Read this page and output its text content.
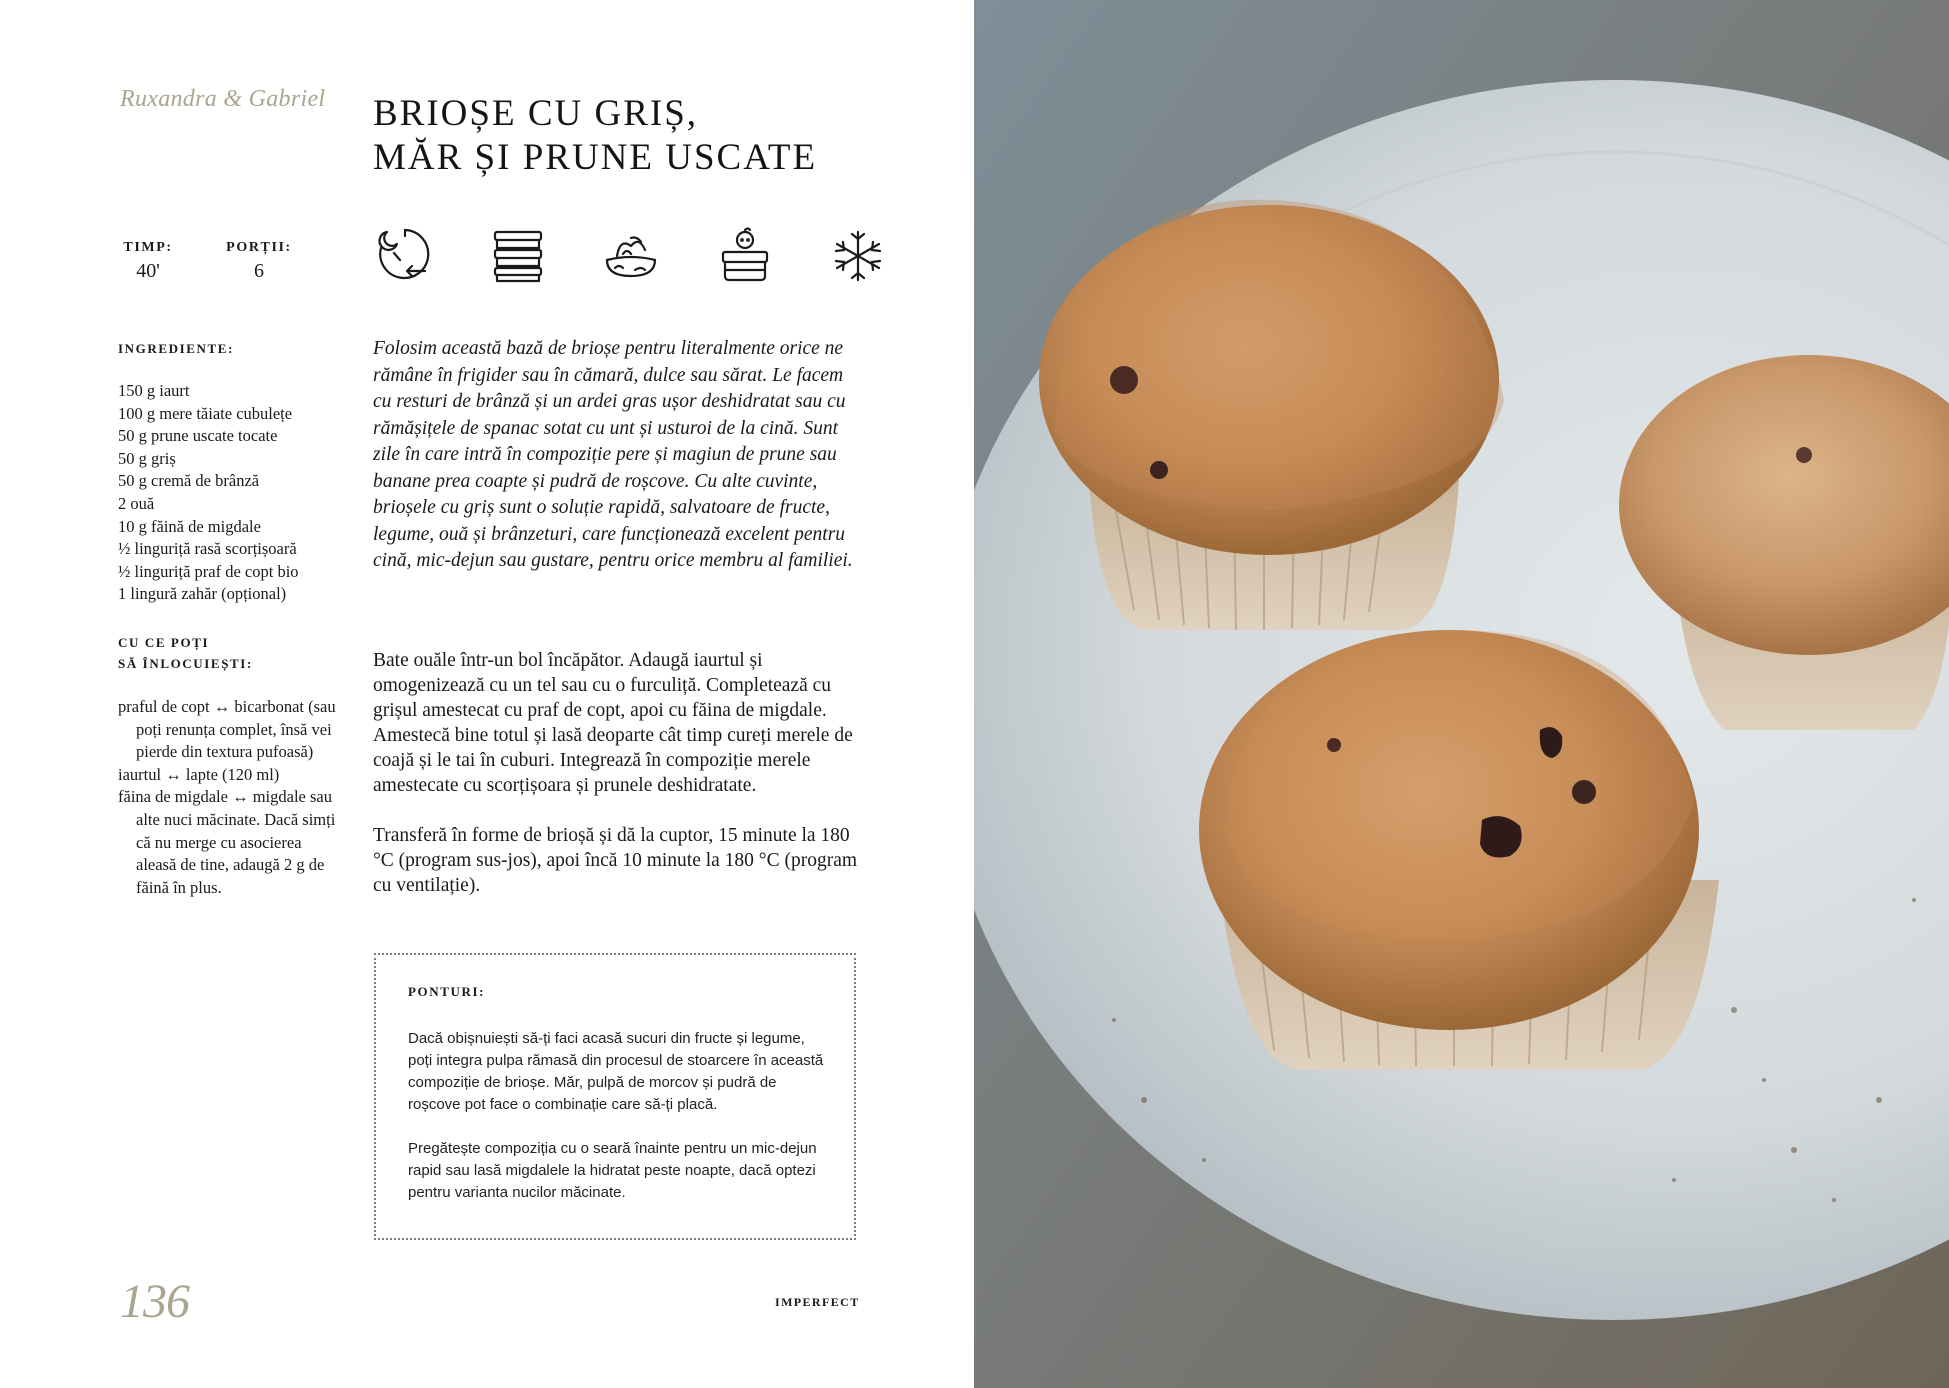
Ruxandra & Gabriel BRIOȘE CU GRIȘ,
MĂR ȘI PRUNE USCATE
TIMP:
40'
PORȚII:
6
INGREDIENTE:
150 g iaurt
100 g mere tăiate cubulețe
50 g prune uscate tocate
50 g griș
50 g cremă de brânză
2 ouă
10 g făină de migdale
½ linguriță rasă scorțișoară
½ linguriță praf de copt bio
1 lingură zahăr (opțional)
CU CE POȚI
SĂ ÎNLOCUIEȘTI:
praful de copt ↔ bicarbonat (sau poți renunța complet, însă vei pierde din textura pufoasă)
iaurtul ↔ lapte (120 ml)
făina de migdale ↔ migdale sau alte nuci măcinate. Dacă simți că nu merge cu asocierea aleasă de tine, adaugă 2 g de făină în plus.
Folosim această bază de brioșe pentru literalmente orice ne rămâne în frigider sau în cămară, dulce sau sărat. Le facem cu resturi de brânză și un ardei gras ușor deshidratat sau cu rămășițele de spanac sotat cu unt și usturoi de la cină. Sunt zile în care intră în compoziție pere și magiun de prune sau banane prea coapte și pudră de roșcove. Cu alte cuvinte, brioșele cu griș sunt o soluție rapidă, salvatoare de fructe, legume, ouă și brânzeturi, care funcționează excelent pentru cină, mic-dejun sau gustare, pentru orice membru al familiei.

Bate ouăle într-un bol încăpător. Adaugă iaurtul și omogenizează cu un tel sau cu o furculiță. Completează cu grișul amestecat cu praf de copt, apoi cu făina de migdale. Amestecă bine totul și lasă deoparte cât timp cureți merele de coajă și le tai în cuburi. Integrează în compoziție merele amestecate cu scorțișoara și prunele deshidratate.

Transferă în forme de brioșă și dă la cuptor, 15 minute la 180 °C (program sus-jos), apoi încă 10 minute la 180 °C (program cu ventilație).

PONTURI:

Dacă obișnuiești să-ți faci acasă sucuri din fructe și legume, poți integra pulpa rămasă din procesul de stoarcere în această compoziție de brioșe. Măr, pulpă de morcov și pudră de roșcove pot face o combinație care să-ți placă.

Pregătește compoziția cu o seară înainte pentru un mic-dejun rapid sau lasă migdalele la hidratat peste noapte, dacă optezi pentru varianta nucilor măcinate.

136	IMPERFECT
